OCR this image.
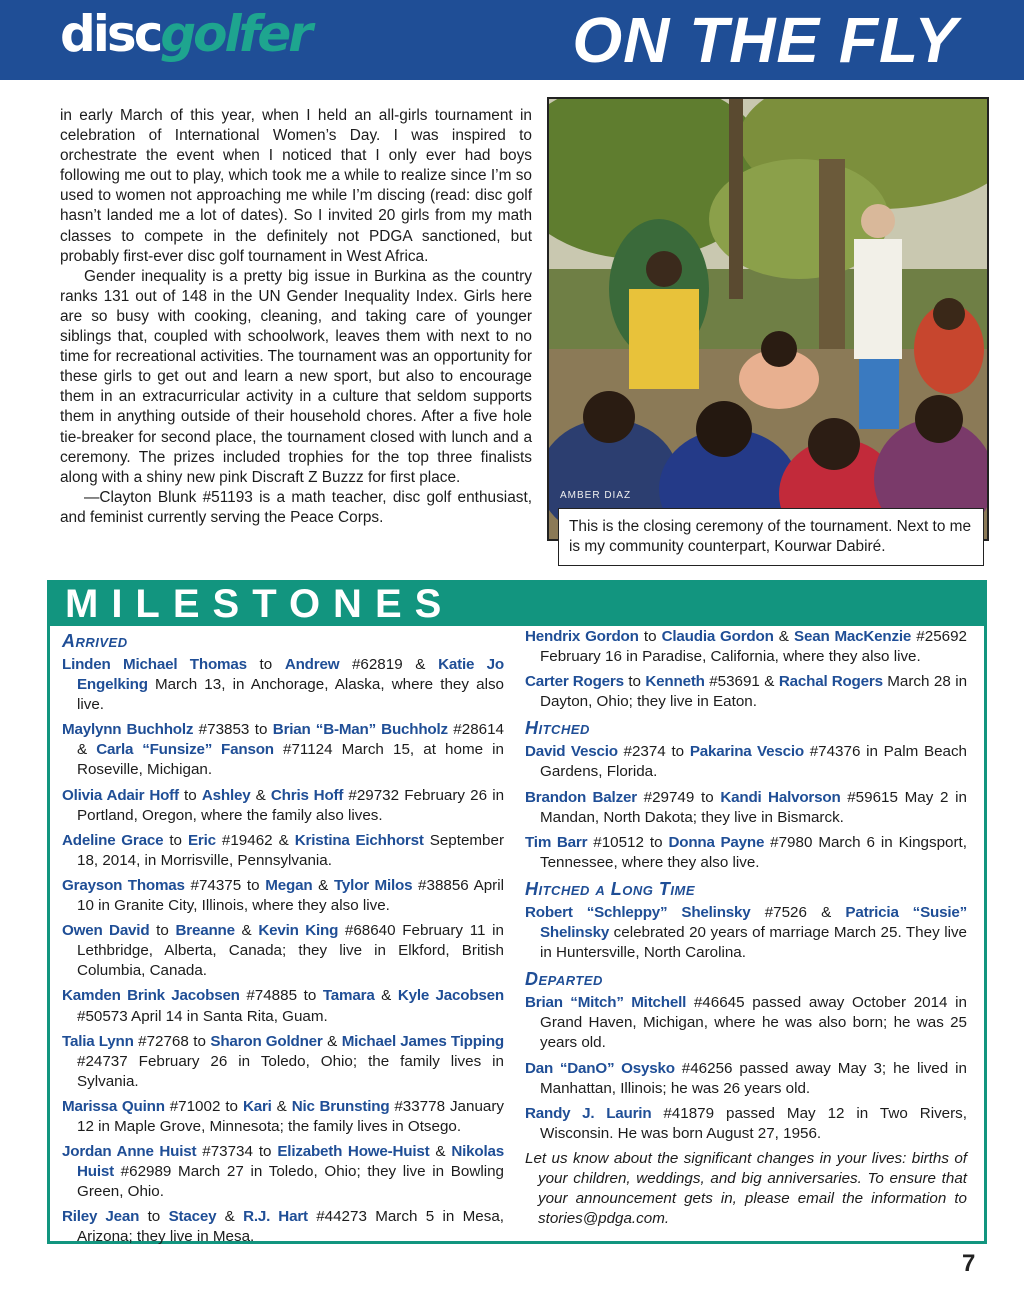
discgolfer	ON THE FLY

in early March of this year, when I held an all-girls tournament in celebration of International Women’s Day. I was inspired to orchestrate the event when I noticed that I only ever had boys following me out to play, which took me a while to realize since I’m so used to women not approaching me while I’m discing (read: disc golf hasn’t landed me a lot of dates). So I invited 20 girls from my math classes to compete in the definitely not PDGA sanctioned, but probably first-ever disc golf tournament in West Africa.

Gender inequality is a pretty big issue in Burkina as the country ranks 131 out of 148 in the UN Gender Inequality Index. Girls here are so busy with cooking, cleaning, and taking care of younger siblings that, coupled with schoolwork, leaves them with next to no time for recreational activities. The tournament was an opportunity for these girls to get out and learn a new sport, but also to encourage them in an extracurricular activity in a culture that seldom supports them in anything outside of their household chores. After a five hole tie-breaker for second place, the tournament closed with lunch and a ceremony. The prizes included trophies for the top three finalists along with a shiny new pink Discraft Z Buzzz for first place.

—Clayton Blunk #51193 is a math teacher, disc golf enthusiast, and feminist currently serving the Peace Corps.

AMBER DIAZ
This is the closing ceremony of the tournament. Next to me is my community counterpart, Kourwar Dabiré.
MILESTONES
Arrived
Linden Michael Thomas to Andrew #62819 & Katie Jo Engelking March 13, in Anchorage, Alaska, where they also live.
Maylynn Buchholz #73853 to Brian “B-Man” Buchholz #28614 & Carla “Funsize” Fanson #71124 March 15, at home in Roseville, Michigan.
Olivia Adair Hoff to Ashley & Chris Hoff #29732 February 26 in Portland, Oregon, where the family also lives.
Adeline Grace to Eric #19462 & Kristina Eichhorst September 18, 2014, in Morrisville, Pennsylvania.
Grayson Thomas #74375 to Megan & Tylor Milos #38856 April 10 in Granite City, Illinois, where they also live.
Owen David to Breanne & Kevin King #68640 February 11 in Lethbridge, Alberta, Canada; they live in Elkford, British Columbia, Canada.
Kamden Brink Jacobsen #74885 to Tamara & Kyle Jacobsen #50573 April 14 in Santa Rita, Guam.
Talia Lynn #72768 to Sharon Goldner & Michael James Tipping #24737 February 26 in Toledo, Ohio; the family lives in Sylvania.
Marissa Quinn #71002 to Kari & Nic Brunsting #33778 January 12 in Maple Grove, Minnesota; the family lives in Otsego.
Jordan Anne Huist #73734 to Elizabeth Howe-Huist & Nikolas Huist #62989 March 27 in Toledo, Ohio; they live in Bowling Green, Ohio.
Riley Jean to Stacey & R.J. Hart #44273 March 5 in Mesa, Arizona; they live in Mesa.
Hendrix Gordon to Claudia Gordon & Sean MacKenzie #25692 February 16 in Paradise, California, where they also live.
Carter Rogers to Kenneth #53691 & Rachal Rogers March 28 in Dayton, Ohio; they live in Eaton.
Hitched
David Vescio #2374 to Pakarina Vescio #74376 in Palm Beach Gardens, Florida.
Brandon Balzer #29749 to Kandi Halvorson #59615 May 2 in Mandan, North Dakota; they live in Bismarck.
Tim Barr #10512 to Donna Payne #7980 March 6 in Kingsport, Tennessee, where they also live.
Hitched a Long Time
Robert “Schleppy” Shelinsky #7526 & Patricia “Susie” Shelinsky celebrated 20 years of marriage March 25. They live in Huntersville, North Carolina.
Departed
Brian “Mitch” Mitchell #46645 passed away October 2014 in Grand Haven, Michigan, where he was also born; he was 25 years old.
Dan “DanO” Osysko #46256 passed away May 3; he lived in Manhattan, Illinois; he was 26 years old.
Randy J. Laurin #41879 passed May 12 in Two Rivers, Wisconsin. He was born August 27, 1956.
Let us know about the significant changes in your lives: births of your children, weddings, and big anniversaries. To ensure that your announcement gets in, please email the information to stories@pdga.com.
7
